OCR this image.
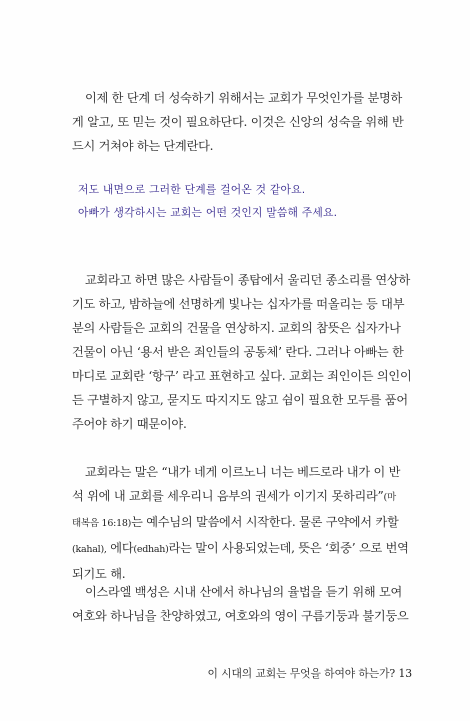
이제 한 단계 더 성숙하기 위해서는 교회가 무엇인가를 분명하
게 알고, 또 믿는 것이 필요하단다. 이것은 신앙의 성숙을 위해 반
드시 거쳐야 하는 단계란다.

저도 내면으로 그러한 단계를 걸어온 것 같아요.
아빠가 생각하시는 교회는 어떤 것인지 말씀해 주세요.

교회라고 하면 많은 사람들이 종탑에서 울리던 종소리를 연상하
기도 하고, 밤하늘에 선명하게 빛나는 십자가를 떠올리는 등 대부
분의 사람들은 교회의 건물을 연상하지. 교회의 참뜻은 십자가나
건물이 아닌 ‘용서 받은 죄인들의 공동체’ 란다. 그러나 아빠는 한
마디로 교회란 ‘항구’ 라고 표현하고 싶다. 교회는 죄인이든 의인이
든 구별하지 않고, 묻지도 따지지도 않고 쉼이 필요한 모두를 품어
주어야 하기 때문이야.

교회라는 말은 “내가 네게 이르노니 너는 베드로라 내가 이 반
석 위에 내 교회를 세우리니 음부의 권세가 이기지 못하리라”(마
태복음 16:18)는 예수님의 말씀에서 시작한다. 물론 구약에서 카할
(kahal), 에다(edhah)라는 말이 사용되었는데, 뜻은 ‘회중’ 으로 번역
되기도 해.

이스라엘 백성은 시내 산에서 하나님의 율법을 듣기 위해 모여
여호와 하나님을 찬양하였고, 여호와의 영이 구름기둥과 불기둥으

이 시대의 교회는 무엇을 하여야 하는가? 13
